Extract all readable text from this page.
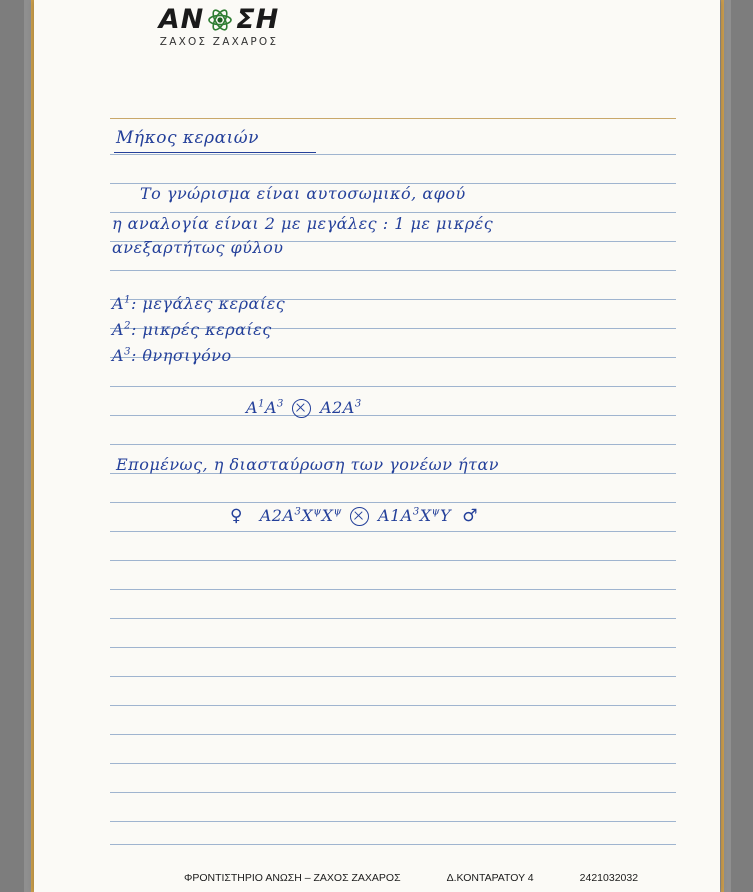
ΑΝ ΣΗ
ΖΑΧΟΣ ΖΑΧΑΡΟΣ
Μήκος κεραιών
Το γνώρισμα είναι αυτοσωμικό, αφού
η αναλογία είναι 2 με μεγάλες : 1 με μικρές
ανεξαρτήτως φύλου
$A^1$: μεγάλες κεραίες
$A^2$: μικρές κεραίες
$A^3$: θνησιγόνο
$A^1A^3$ $A2A^3$
Επομένως, η διασταύρωση των γονέων ήταν
♀ $A2A^3X^\psi X^\psi$ $A1A^3X^\psi\Upsilon$ ♂
ΦΡΟΝΤΙΣΤΗΡΙΟ ΑΝΩΣΗ – ΖΑΧΟΣ ΖΑΧΑΡΟΣ	Δ.ΚΟΝΤΑΡΑΤΟΥ 4	2421032032
